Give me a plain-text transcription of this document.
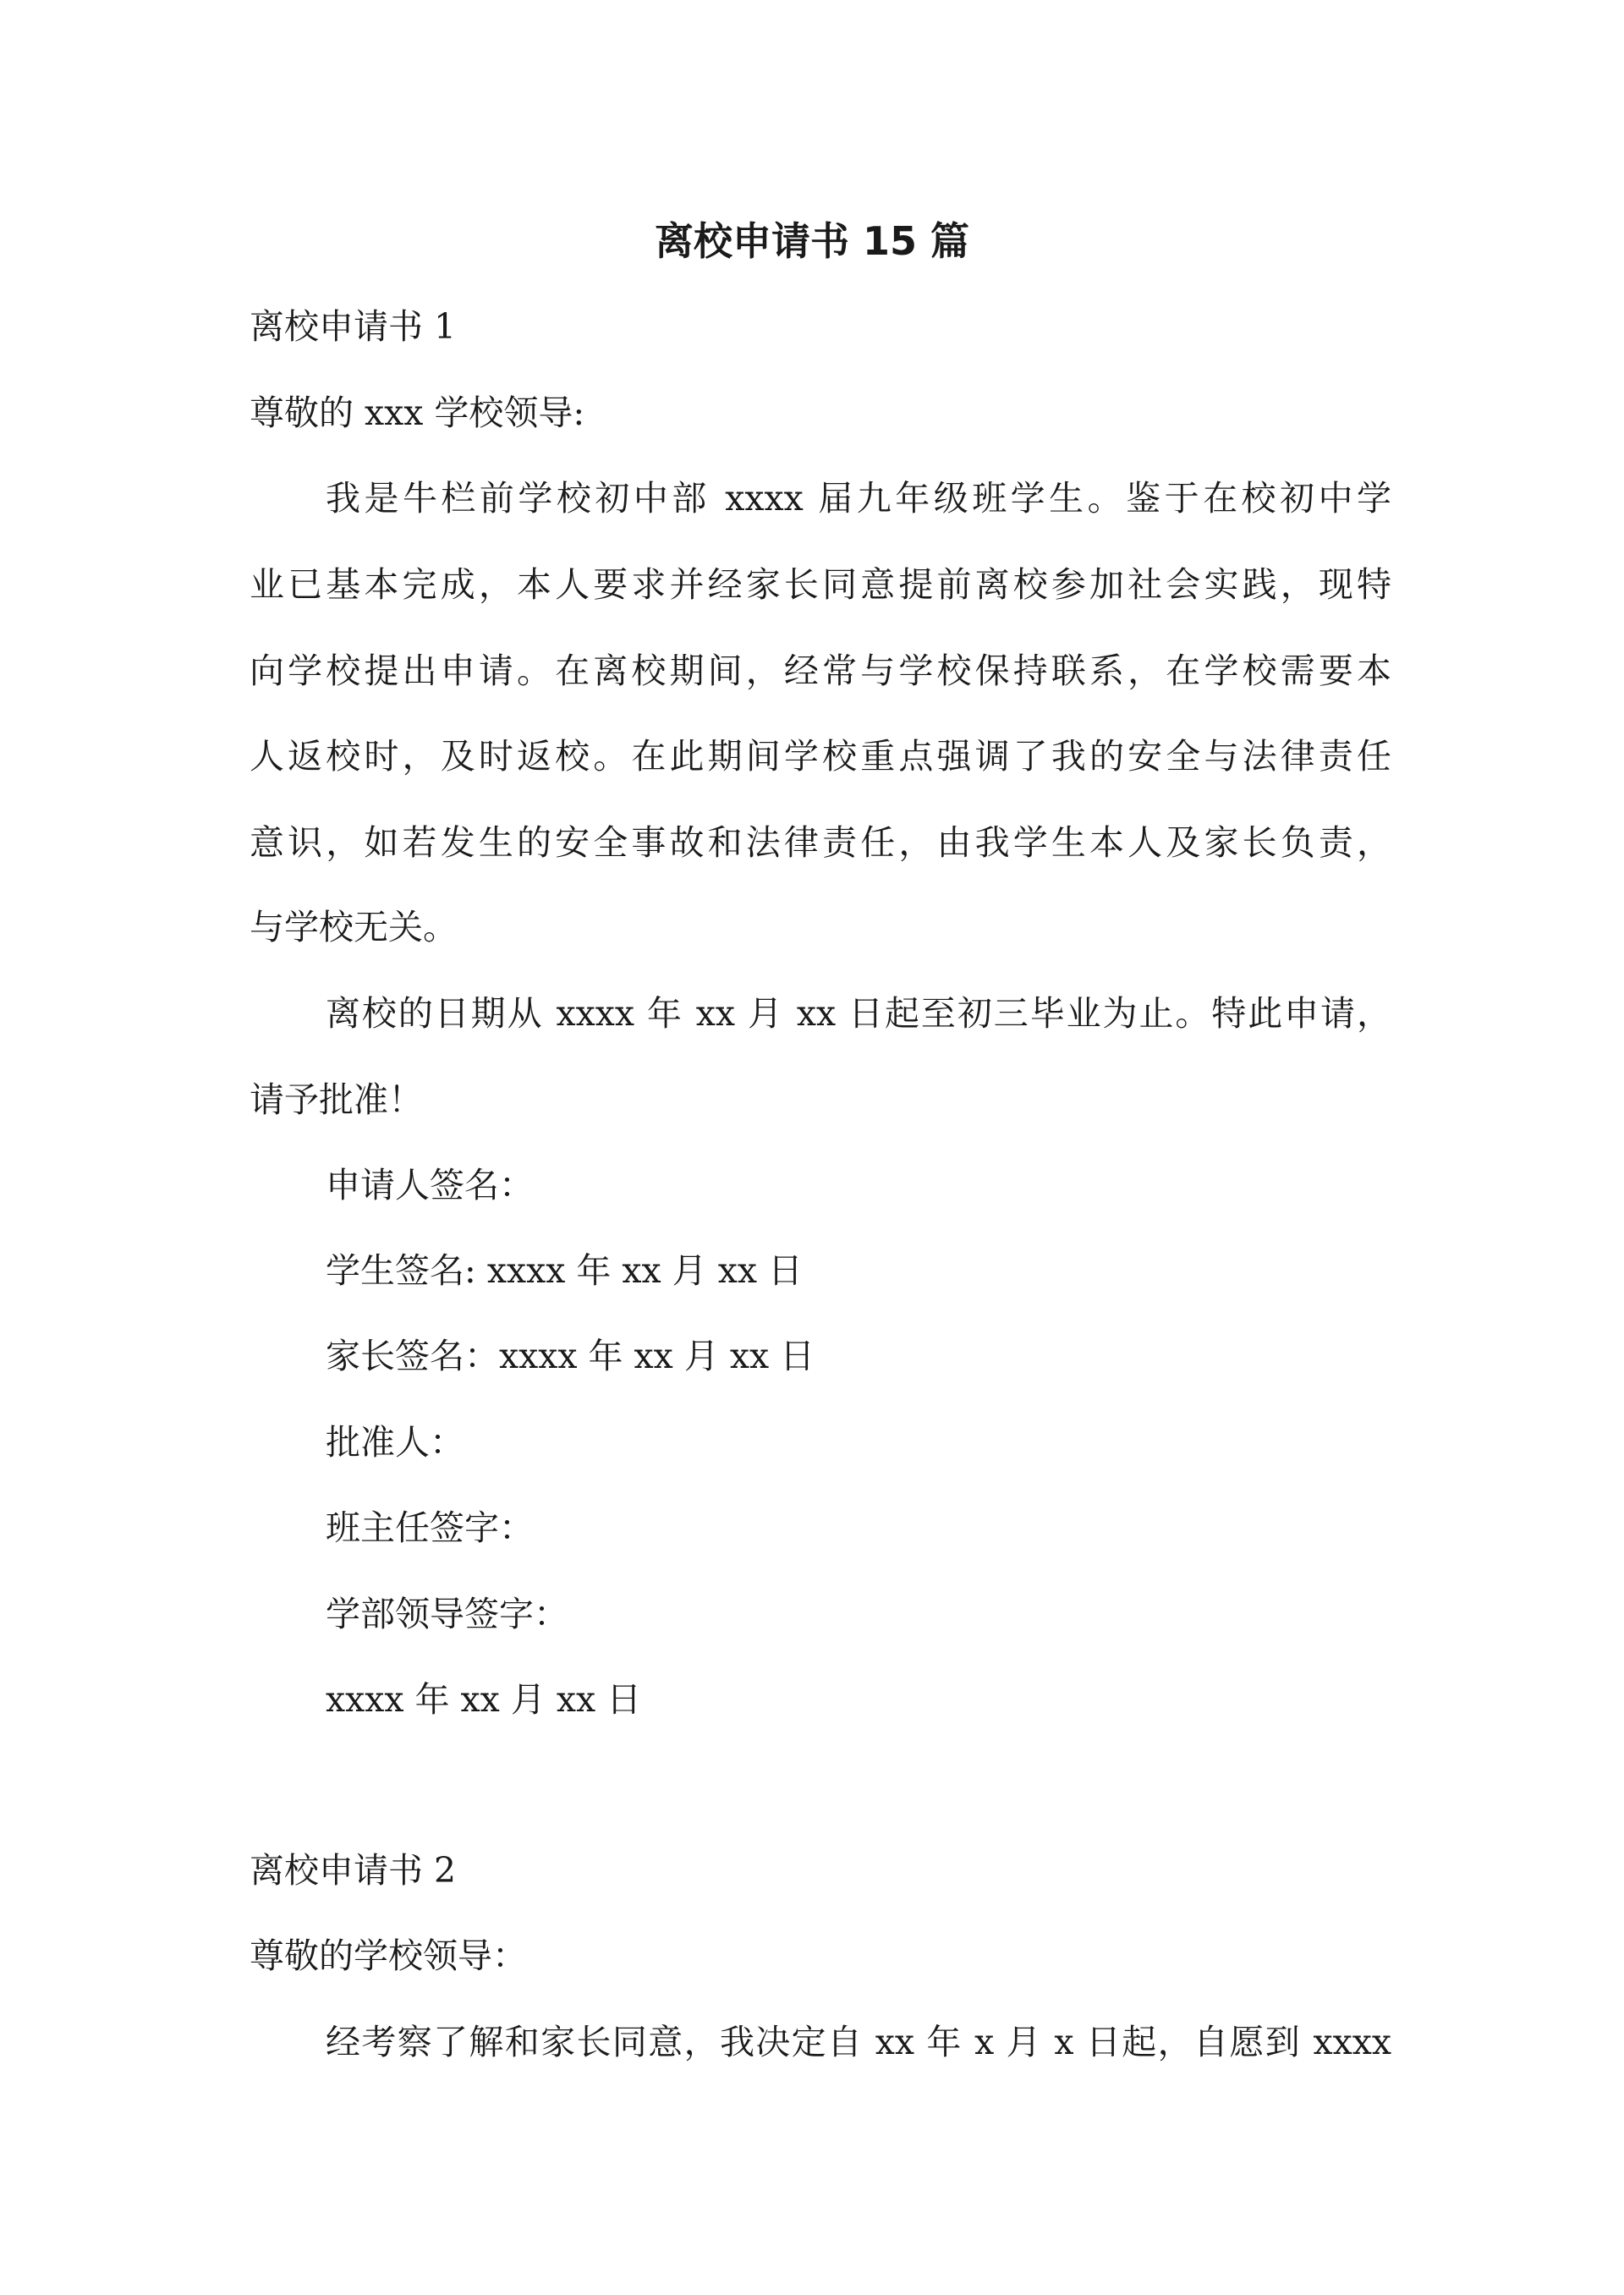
离校申请书 15 篇
离校申请书 1
尊敬的 xxx 学校领导:
我是牛栏前学校初中部 xxxx 届九年级班学生。鉴于在校初中学
业已基本完成，本人要求并经家长同意提前离校参加社会实践，现特
向学校提出申请。在离校期间，经常与学校保持联系，在学校需要本
人返校时，及时返校。在此期间学校重点强调了我的安全与法律责任
意识，如若发生的安全事故和法律责任，由我学生本人及家长负责，
与学校无关。
离校的日期从 xxxx 年 xx 月 xx 日起至初三毕业为止。特此申请，
请予批准！
申请人签名：
学生签名: xxxx 年 xx 月 xx 日
家长签名：xxxx 年 xx 月 xx 日
批准人：
班主任签字：
学部领导签字：
xxxx 年 xx 月 xx 日
离校申请书 2
尊敬的学校领导：
经考察了解和家长同意，我决定自 xx 年 x 月 x 日起，自愿到 xxxx
